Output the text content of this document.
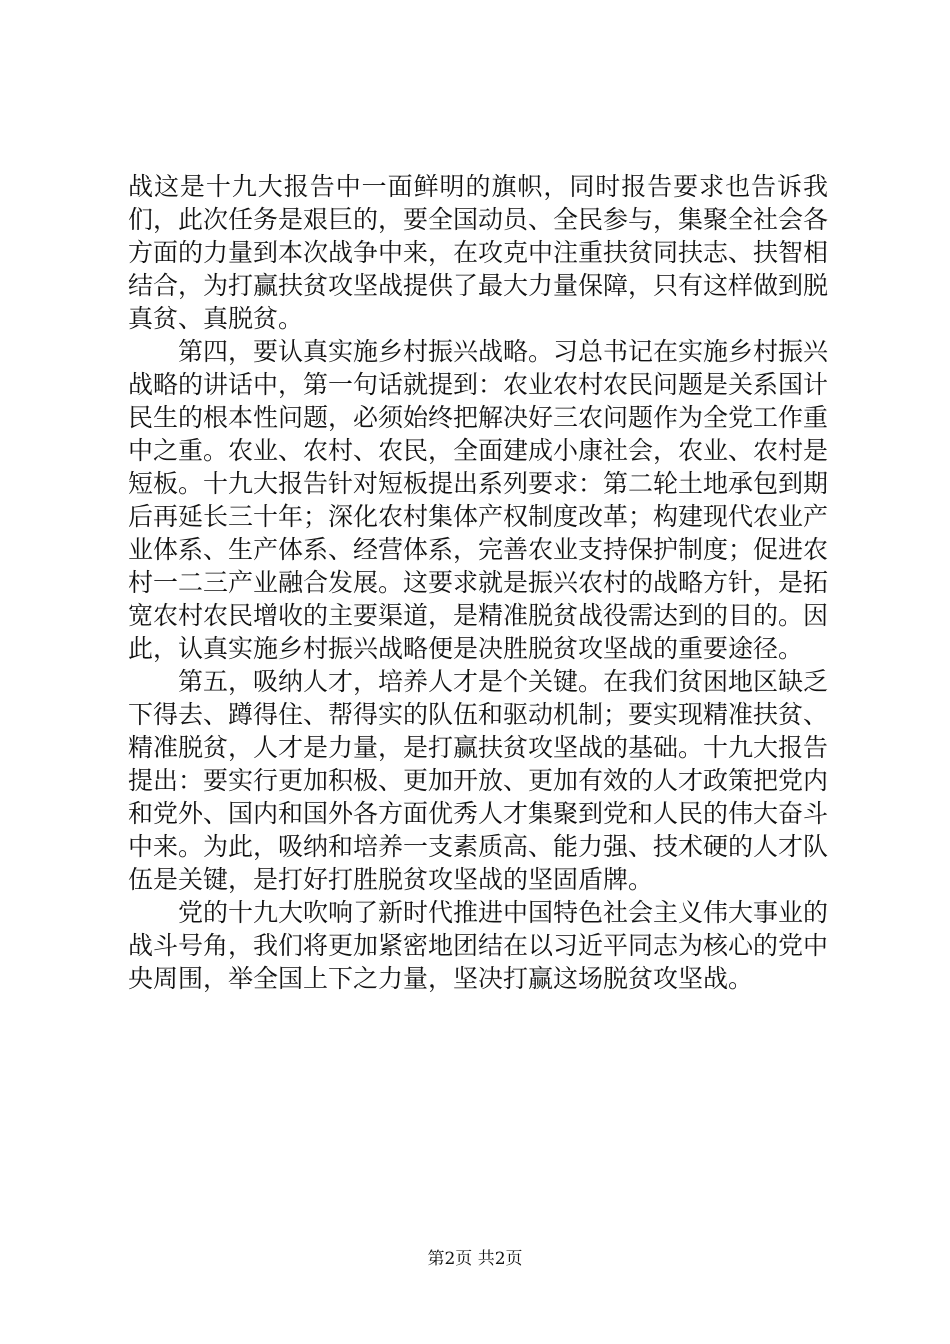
战这是十九大报告中一面鲜明的旗帜，同时报告要求也告诉我们，此次任务是艰巨的，要全国动员、全民参与，集聚全社会各方面的力量到本次战争中来，在攻克中注重扶贫同扶志、扶智相结合，为打赢扶贫攻坚战提供了最大力量保障，只有这样做到脱真贫、真脱贫。

第四，要认真实施乡村振兴战略。习总书记在实施乡村振兴战略的讲话中，第一句话就提到：农业农村农民问题是关系国计民生的根本性问题，必须始终把解决好三农问题作为全党工作重中之重。农业、农村、农民，全面建成小康社会，农业、农村是短板。十九大报告针对短板提出系列要求：第二轮土地承包到期后再延长三十年；深化农村集体产权制度改革；构建现代农业产业体系、生产体系、经营体系，完善农业支持保护制度；促进农村一二三产业融合发展。这要求就是振兴农村的战略方针，是拓宽农村农民增收的主要渠道，是精准脱贫战役需达到的目的。因此，认真实施乡村振兴战略便是决胜脱贫攻坚战的重要途径。

第五，吸纳人才，培养人才是个关键。在我们贫困地区缺乏下得去、蹲得住、帮得实的队伍和驱动机制；要实现精准扶贫、精准脱贫，人才是力量，是打赢扶贫攻坚战的基础。十九大报告提出：要实行更加积极、更加开放、更加有效的人才政策把党内和党外、国内和国外各方面优秀人才集聚到党和人民的伟大奋斗中来。为此，吸纳和培养一支素质高、能力强、技术硬的人才队伍是关键，是打好打胜脱贫攻坚战的坚固盾牌。

党的十九大吹响了新时代推进中国特色社会主义伟大事业的战斗号角，我们将更加紧密地团结在以习近平同志为核心的党中央周围，举全国上下之力量，坚决打赢这场脱贫攻坚战。

第2页 共2页
